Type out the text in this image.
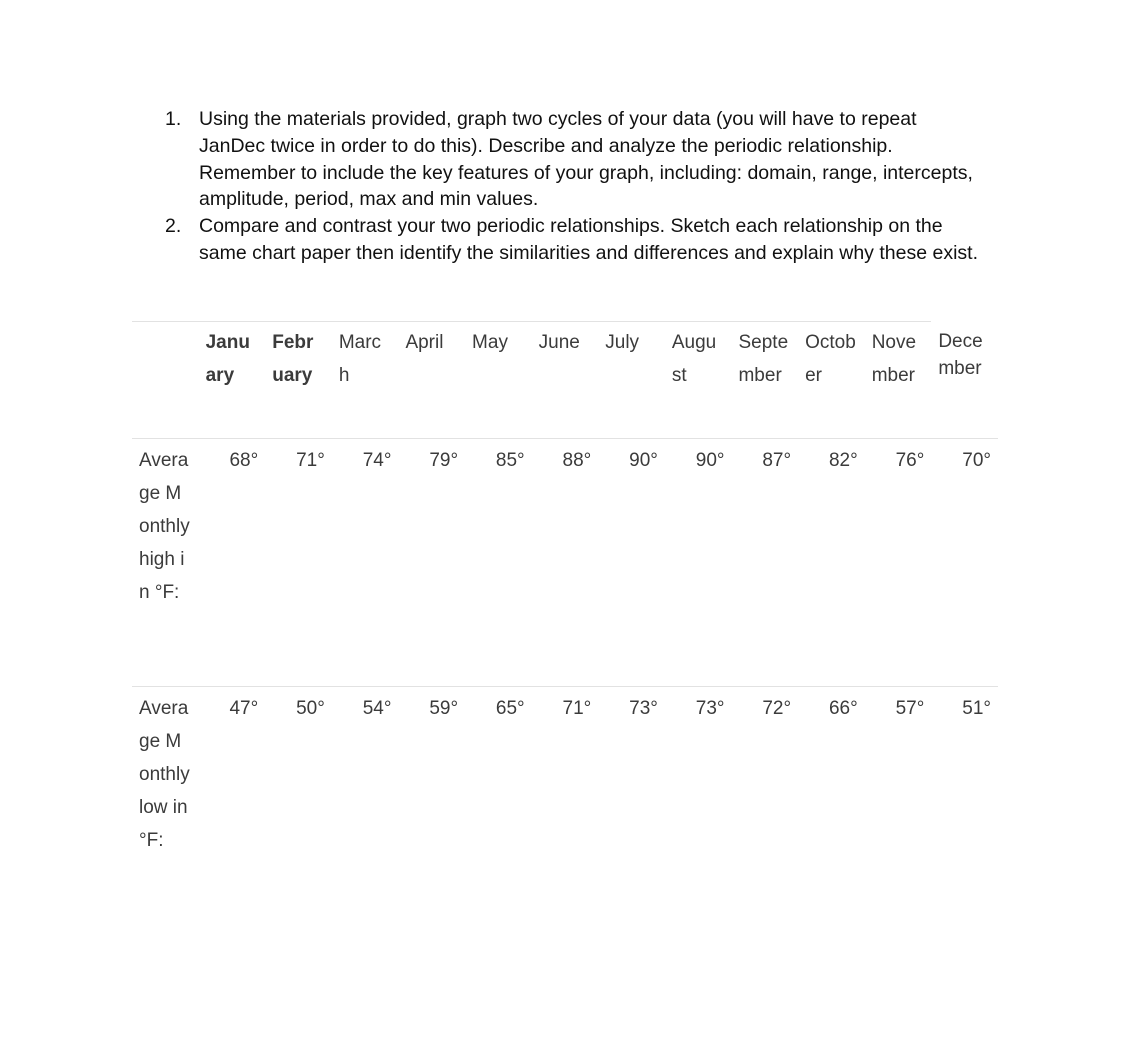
1. Using the materials provided, graph two cycles of your data (you will have to repeat JanDec twice in order to do this). Describe and analyze the periodic relationship. Remember to include the key features of your graph, including: domain, range, intercepts, amplitude, period, max and min values.
2. Compare and contrast your two periodic relationships. Sketch each relationship on the same chart paper then identify the similarities and differences and explain why these exist.
	January	February	March	April	May	June	July	August	September	October	November	December
Average Monthly high in °F:	68°	71°	74°	79°	85°	88°	90°	90°	87°	82°	76°	70°
Average Monthly low in °F:	47°	50°	54°	59°	65°	71°	73°	73°	72°	66°	57°	51°
